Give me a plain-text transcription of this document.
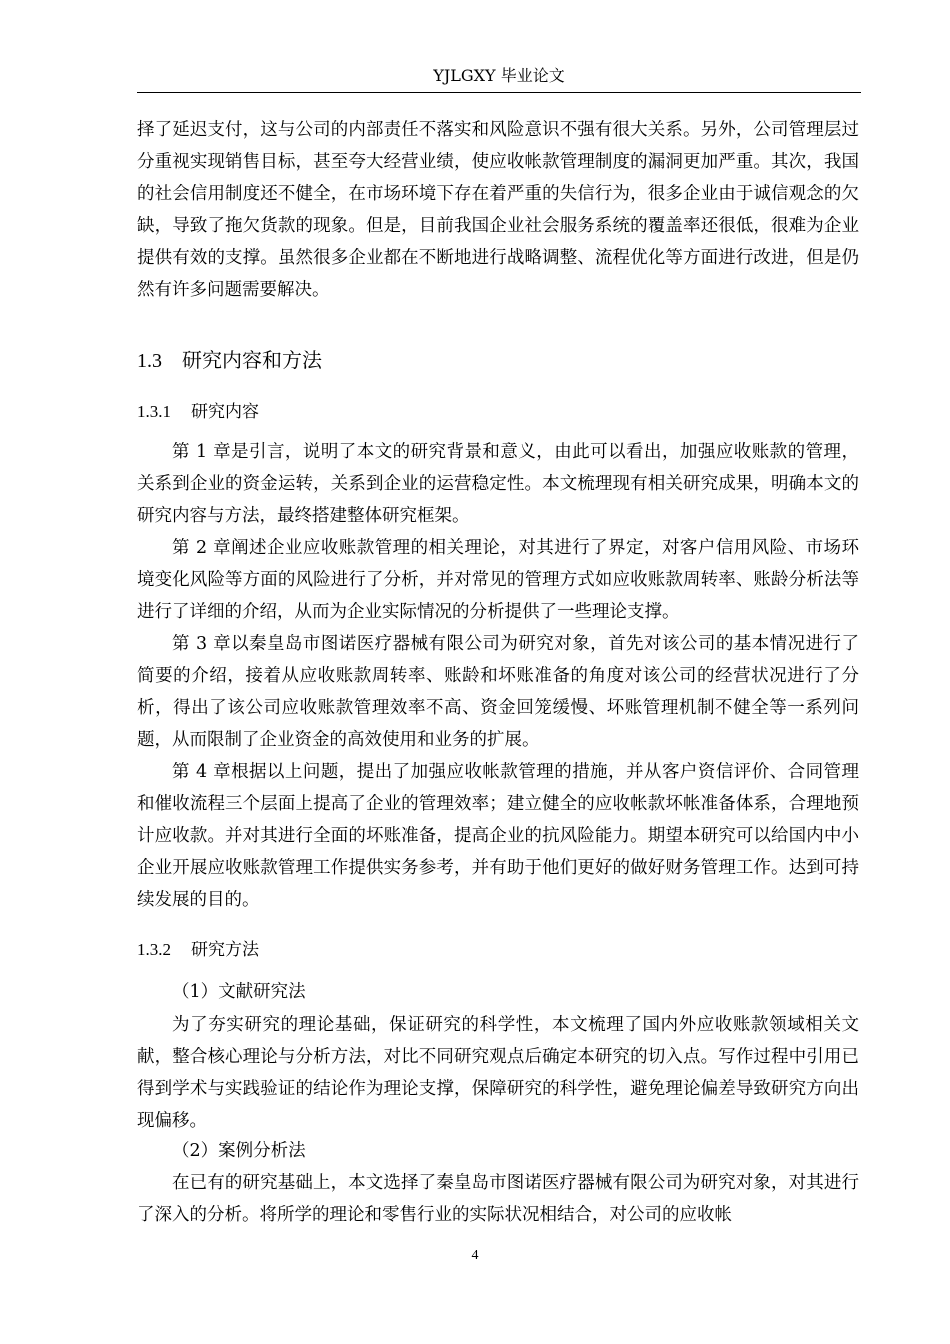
YJLGXY 毕业论文

择了延迟支付，这与公司的内部责任不落实和风险意识不强有很大关系。另外，公司管理层过分重视实现销售目标，甚至夸大经营业绩，使应收帐款管理制度的漏洞更加严重。其次，我国的社会信用制度还不健全，在市场环境下存在着严重的失信行为，很多企业由于诚信观念的欠缺，导致了拖欠货款的现象。但是，目前我国企业社会服务系统的覆盖率还很低，很难为企业提供有效的支撑。虽然很多企业都在不断地进行战略调整、流程优化等方面进行改进，但是仍然有许多问题需要解决。

1.3 研究内容和方法
1.3.1 研究内容

第 1 章是引言，说明了本文的研究背景和意义，由此可以看出，加强应收账款的管理，关系到企业的资金运转，关系到企业的运营稳定性。本文梳理现有相关研究成果，明确本文的研究内容与方法，最终搭建整体研究框架。

第 2 章阐述企业应收账款管理的相关理论，对其进行了界定，对客户信用风险、市场环境变化风险等方面的风险进行了分析，并对常见的管理方式如应收账款周转率、账龄分析法等进行了详细的介绍，从而为企业实际情况的分析提供了一些理论支撑。

第 3 章以秦皇岛市图诺医疗器械有限公司为研究对象，首先对该公司的基本情况进行了简要的介绍，接着从应收账款周转率、账龄和坏账准备的角度对该公司的经营状况进行了分析，得出了该公司应收账款管理效率不高、资金回笼缓慢、坏账管理机制不健全等一系列问题，从而限制了企业资金的高效使用和业务的扩展。

第 4 章根据以上问题，提出了加强应收帐款管理的措施，并从客户资信评价、合同管理和催收流程三个层面上提高了企业的管理效率；建立健全的应收帐款坏帐准备体系，合理地预计应收款。并对其进行全面的坏账准备，提高企业的抗风险能力。期望本研究可以给国内中小企业开展应收账款管理工作提供实务参考，并有助于他们更好的做好财务管理工作。达到可持续发展的目的。

1.3.2 研究方法
（1）文献研究法

为了夯实研究的理论基础，保证研究的科学性，本文梳理了国内外应收账款领域相关文献，整合核心理论与分析方法，对比不同研究观点后确定本研究的切入点。写作过程中引用已得到学术与实践验证的结论作为理论支撑，保障研究的科学性，避免理论偏差导致研究方向出现偏移。

（2）案例分析法

在已有的研究基础上，本文选择了秦皇岛市图诺医疗器械有限公司为研究对象，对其进行了深入的分析。将所学的理论和零售行业的实际状况相结合，对公司的应收帐

4
